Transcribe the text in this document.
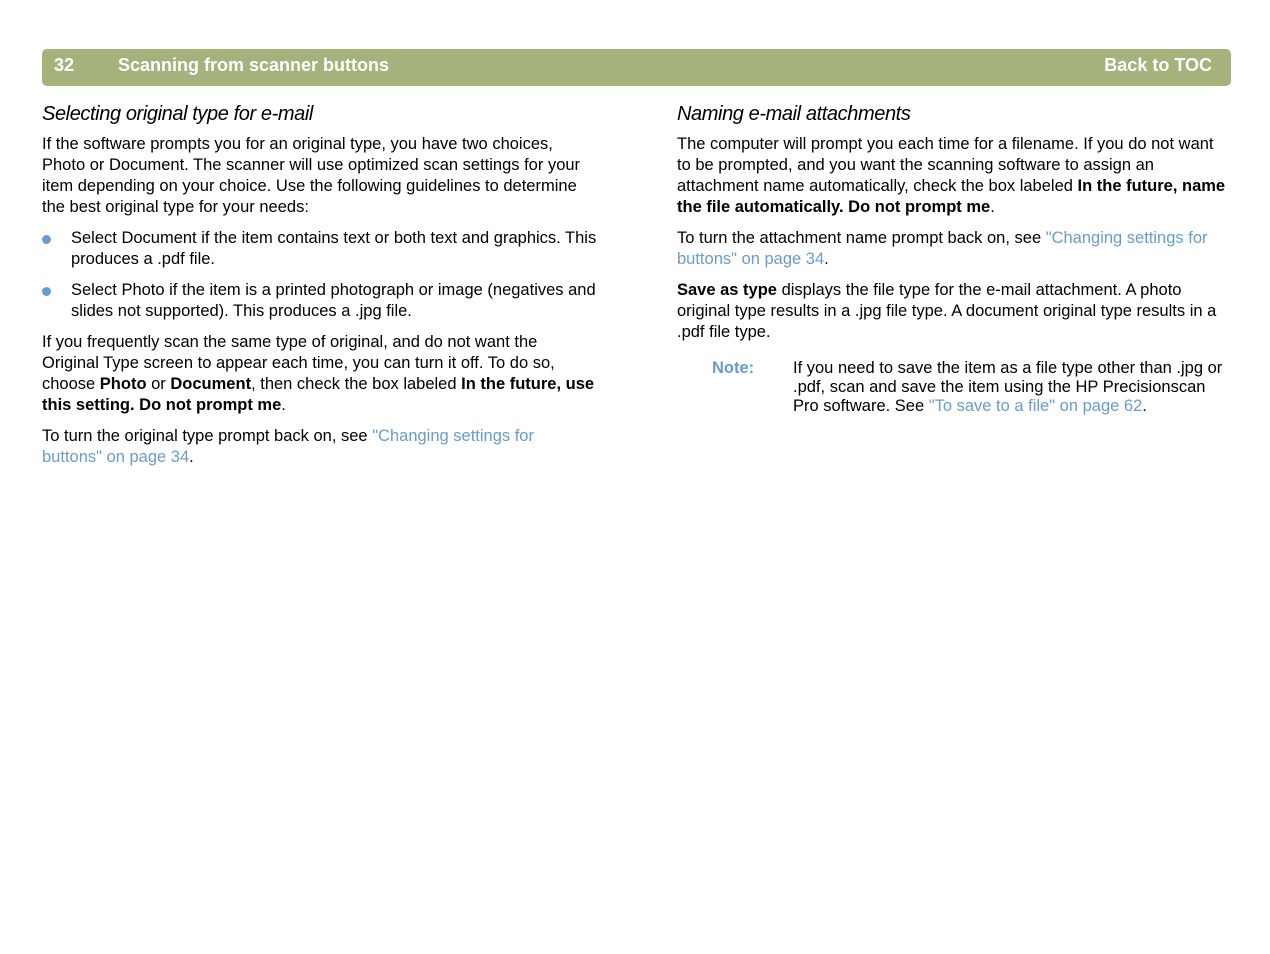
32 Scanning from scanner buttons	Back to TOC
Selecting original type for e-mail

If the software prompts you for an original type, you have two choices, Photo or Document. The scanner will use optimized scan settings for your item depending on your choice. Use the following guidelines to determine the best original type for your needs:

Select Document if the item contains text or both text and graphics. This produces a .pdf file.
Select Photo if the item is a printed photograph or image (negatives and slides not supported). This produces a .jpg file.

If you frequently scan the same type of original, and do not want the Original Type screen to appear each time, you can turn it off. To do so, choose Photo or Document, then check the box labeled In the future, use this setting. Do not prompt me.

To turn the original type prompt back on, see "Changing settings for buttons" on page 34.

Naming e-mail attachments

The computer will prompt you each time for a filename. If you do not want to be prompted, and you want the scanning software to assign an attachment name automatically, check the box labeled In the future, name the file automatically. Do not prompt me.

To turn the attachment name prompt back on, see "Changing settings for buttons" on page 34.

Save as type displays the file type for the e-mail attachment. A photo original type results in a .jpg file type. A document original type results in a .pdf file type.

Note: If you need to save the item as a file type other than .jpg or .pdf, scan and save the item using the HP Precisionscan Pro software. See "To save to a file" on page 62.
